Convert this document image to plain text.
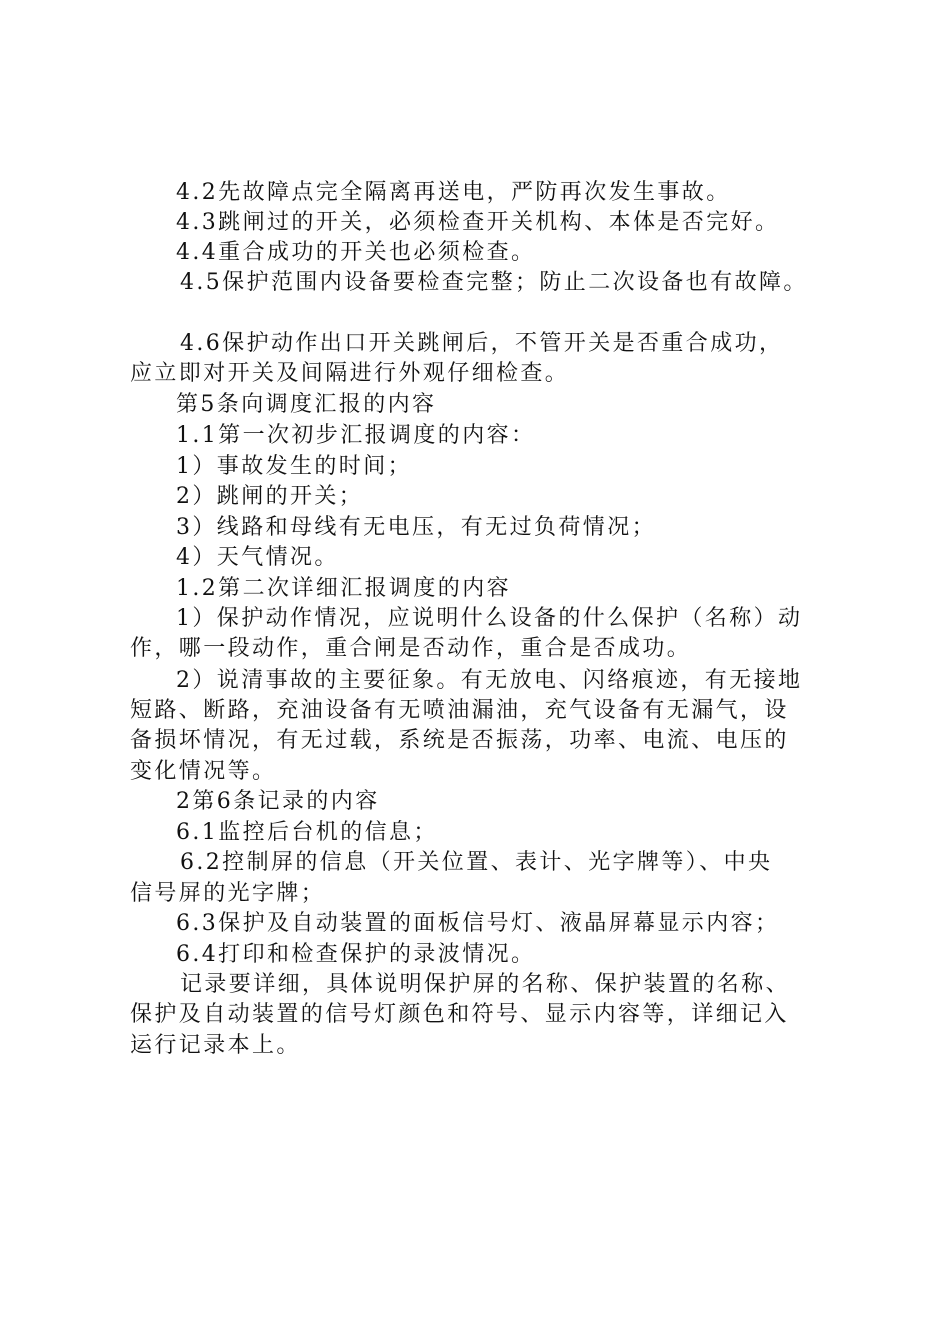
4.2先故障点完全隔离再送电，严防再次发生事故。
4.3跳闸过的开关，必须检查开关机构、本体是否完好。
4.4重合成功的开关也必须检查。
4.5保护范围内设备要检查完整；防止二次设备也有故障。
4.6保护动作出口开关跳闸后，不管开关是否重合成功，
应立即对开关及间隔进行外观仔细检查。
第5条向调度汇报的内容
1.1第一次初步汇报调度的内容：
1）事故发生的时间；
2）跳闸的开关；
3）线路和母线有无电压，有无过负荷情况；
4）天气情况。
1.2第二次详细汇报调度的内容
1）保护动作情况，应说明什么设备的什么保护（名称）动
作，哪一段动作，重合闸是否动作，重合是否成功。
2）说清事故的主要征象。有无放电、闪络痕迹，有无接地
短路、断路，充油设备有无喷油漏油，充气设备有无漏气，设
备损坏情况，有无过载，系统是否振荡，功率、电流、电压的
变化情况等。
2第6条记录的内容
6.1监控后台机的信息；
6.2控制屏的信息（开关位置、表计、光字牌等）、中央
信号屏的光字牌；
6.3保护及自动装置的面板信号灯、液晶屏幕显示内容；
6.4打印和检查保护的录波情况。
记录要详细，具体说明保护屏的名称、保护装置的名称、
保护及自动装置的信号灯颜色和符号、显示内容等，详细记入
运行记录本上。
